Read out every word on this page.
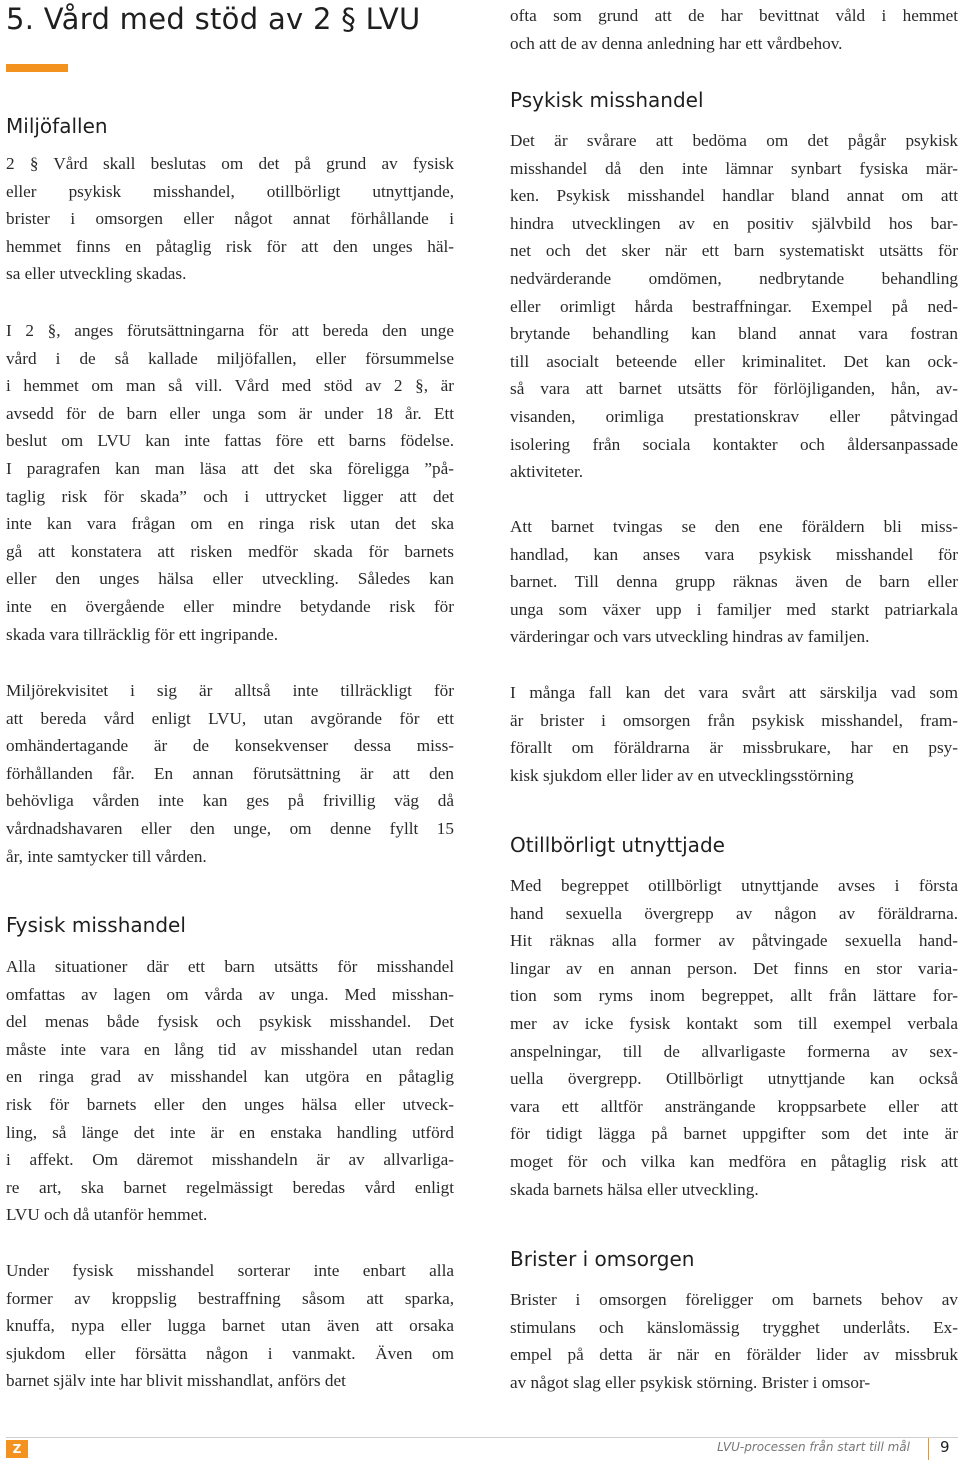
5. Vård med stöd av 2 § LVU
Miljöfallen

2 § Vård skall beslutas om det på grund av fysisk
eller psykisk misshandel, otillbörligt utnyttjande,
brister i omsorgen eller något annat förhållande i
hemmet finns en påtaglig risk för att den unges häl-
sa eller utveckling skadas.

I 2 §, anges förutsättningarna för att bereda den unge
vård i de så kallade miljöfallen, eller försummelse
i hemmet om man så vill. Vård med stöd av 2 §, är
avsedd för de barn eller unga som är under 18 år. Ett
beslut om LVU kan inte fattas före ett barns födelse.
I paragrafen kan man läsa att det ska föreligga ”på-
taglig risk för skada” och i uttrycket ligger att det
inte kan vara frågan om en ringa risk utan det ska
gå att konstatera att risken medför skada för barnets
eller den unges hälsa eller utveckling. Således kan
inte en övergående eller mindre betydande risk för
skada vara tillräcklig för ett ingripande.

Miljörekvisitet i sig är alltså inte tillräckligt för
att bereda vård enligt LVU, utan avgörande för ett
omhändertagande är de konsekvenser dessa miss-
förhållanden får. En annan förutsättning är att den
behövliga vården inte kan ges på frivillig väg då
vårdnadshavaren eller den unge, om denne fyllt 15
år, inte samtycker till vården.

Fysisk misshandel

Alla situationer där ett barn utsätts för misshandel
omfattas av lagen om vårda av unga. Med misshan-
del menas både fysisk och psykisk misshandel. Det
måste inte vara en lång tid av misshandel utan redan
en ringa grad av misshandel kan utgöra en påtaglig
risk för barnets eller den unges hälsa eller utveck-
ling, så länge det inte är en enstaka handling utförd
i affekt. Om däremot misshandeln är av allvarliga-
re art, ska barnet regelmässigt beredas vård enligt
LVU och då utanför hemmet.

Under fysisk misshandel sorterar inte enbart alla
former av kroppslig bestraffning såsom att sparka,
knuffa, nypa eller lugga barnet utan även att orsaka
sjukdom eller försätta någon i vanmakt. Även om
barnet själv inte har blivit misshandlat, anförs det

ofta som grund att de har bevittnat våld i hemmet
och att de av denna anledning har ett vårdbehov.

Psykisk misshandel

Det är svårare att bedöma om det pågår psykisk
misshandel då den inte lämnar synbart fysiska mär-
ken. Psykisk misshandel handlar bland annat om att
hindra utvecklingen av en positiv självbild hos bar-
net och det sker när ett barn systematiskt utsätts för
nedvärderande omdömen, nedbrytande behandling
eller orimligt hårda bestraffningar. Exempel på ned-
brytande behandling kan bland annat vara fostran
till asocialt beteende eller kriminalitet. Det kan ock-
så vara att barnet utsätts för förlöjliganden, hån, av-
visanden, orimliga prestationskrav eller påtvingad
isolering från sociala kontakter och åldersanpassade
aktiviteter.

Att barnet tvingas se den ene föräldern bli miss-
handlad, kan anses vara psykisk misshandel för
barnet. Till denna grupp räknas även de barn eller
unga som växer upp i familjer med starkt patriarkala
värderingar och vars utveckling hindras av familjen.

I många fall kan det vara svårt att särskilja vad som
är brister i omsorgen från psykisk misshandel, fram-
förallt om föräldrarna är missbrukare, har en psy-
kisk sjukdom eller lider av en utvecklingsstörning

Otillbörligt utnyttjade

Med begreppet otillbörligt utnyttjande avses i första
hand sexuella övergrepp av någon av föräldrarna.
Hit räknas alla former av påtvingade sexuella hand-
lingar av en annan person. Det finns en stor varia-
tion som ryms inom begreppet, allt från lättare for-
mer av icke fysisk kontakt som till exempel verbala
anspelningar, till de allvarligaste formerna av sex-
uella övergrepp. Otillbörligt utnyttjande kan också
vara ett alltför ansträngande kroppsarbete eller att
för tidigt lägga på barnet uppgifter som det inte är
moget för och vilka kan medföra en påtaglig risk att
skada barnets hälsa eller utveckling.

Brister i omsorgen

Brister i omsorgen föreligger om barnets behov av
stimulans och känslomässig trygghet underlåts. Ex-
empel på detta är när en förälder lider av missbruk
av något slag eller psykisk störning. Brister i omsor-

Z	LVU-processen från start till mål 9
